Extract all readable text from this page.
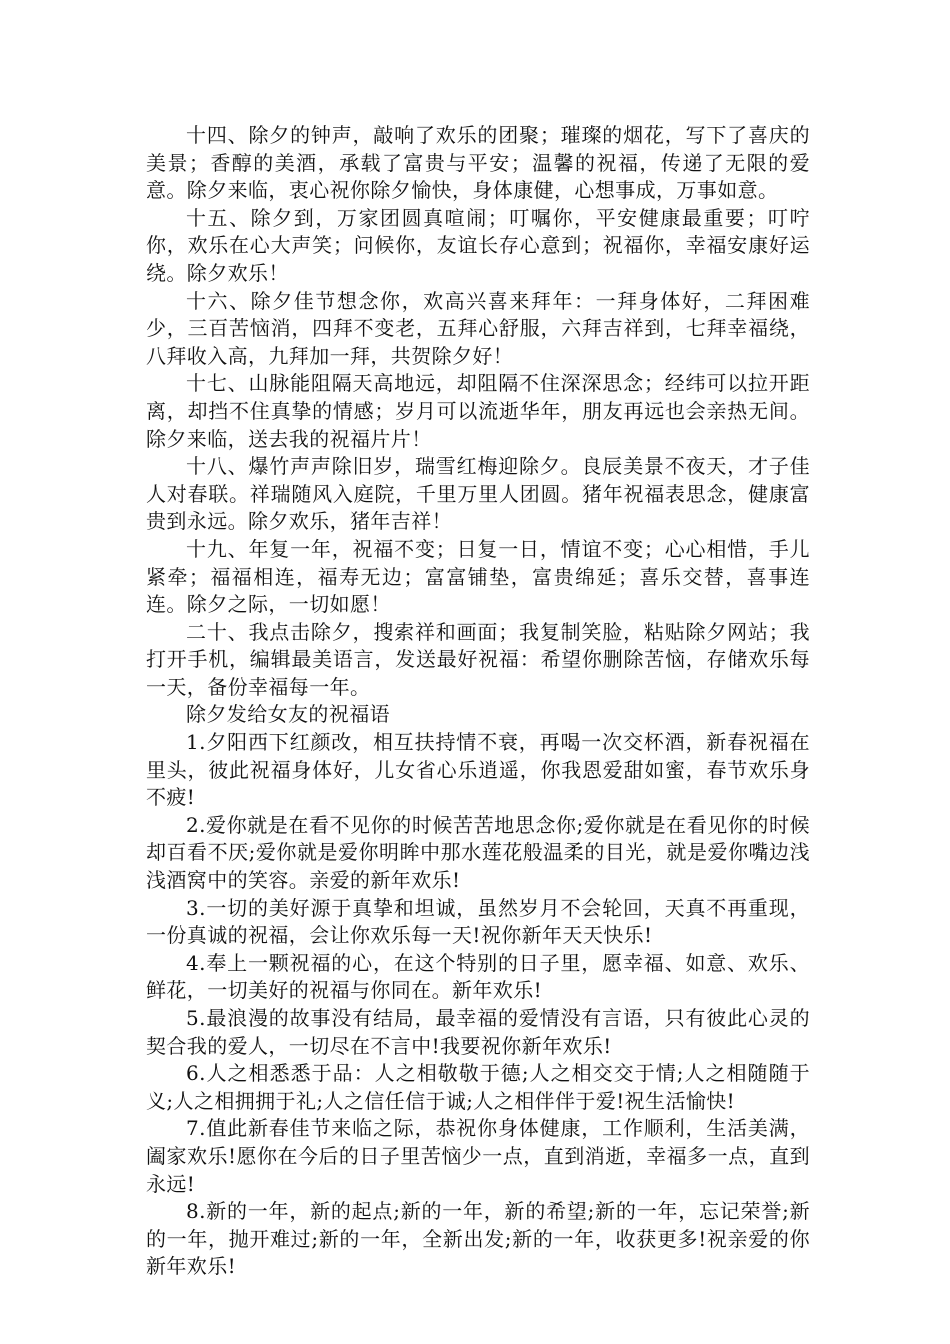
十四、除夕的钟声，敲响了欢乐的团聚；璀璨的烟花，写下了喜庆的美景；香醇的美酒，承载了富贵与平安；温馨的祝福，传递了无限的爱意。除夕来临，衷心祝你除夕愉快，身体康健，心想事成，万事如意。

十五、除夕到，万家团圆真喧闹；叮嘱你，平安健康最重要；叮咛你，欢乐在心大声笑；问候你，友谊长存心意到；祝福你，幸福安康好运绕。除夕欢乐！

十六、除夕佳节想念你，欢高兴喜来拜年：一拜身体好，二拜困难少，三百苦恼消，四拜不变老，五拜心舒服，六拜吉祥到，七拜幸福绕，八拜收入高，九拜加一拜，共贺除夕好！

十七、山脉能阻隔天高地远，却阻隔不住深深思念；经纬可以拉开距离，却挡不住真挚的情感；岁月可以流逝华年，朋友再远也会亲热无间。除夕来临，送去我的祝福片片！

十八、爆竹声声除旧岁，瑞雪红梅迎除夕。良辰美景不夜天，才子佳人对春联。祥瑞随风入庭院，千里万里人团圆。猪年祝福表思念，健康富贵到永远。除夕欢乐，猪年吉祥！

十九、年复一年，祝福不变；日复一日，情谊不变；心心相惜，手儿紧牵；福福相连，福寿无边；富富铺垫，富贵绵延；喜乐交替，喜事连连。除夕之际，一切如愿！

二十、我点击除夕，搜索祥和画面；我复制笑脸，粘贴除夕网站；我打开手机，编辑最美语言，发送最好祝福：希望你删除苦恼，存储欢乐每一天，备份幸福每一年。

除夕发给女友的祝福语

1.夕阳西下红颜改，相互扶持情不衰，再喝一次交杯酒，新春祝福在里头，彼此祝福身体好，儿女省心乐逍遥，你我恩爱甜如蜜，春节欢乐身不疲!

2.爱你就是在看不见你的时候苦苦地思念你;爱你就是在看见你的时候却百看不厌;爱你就是爱你明眸中那水莲花般温柔的目光，就是爱你嘴边浅浅酒窝中的笑容。亲爱的新年欢乐!

3.一切的美好源于真挚和坦诚，虽然岁月不会轮回，天真不再重现，一份真诚的祝福，会让你欢乐每一天!祝你新年天天快乐!

4.奉上一颗祝福的心，在这个特别的日子里，愿幸福、如意、欢乐、鲜花，一切美好的祝福与你同在。新年欢乐!

5.最浪漫的故事没有结局，最幸福的爱情没有言语，只有彼此心灵的契合我的爱人，一切尽在不言中!我要祝你新年欢乐!

6.人之相悉悉于品：人之相敬敬于德;人之相交交于情;人之相随随于义;人之相拥拥于礼;人之信任信于诚;人之相伴伴于爱!祝生活愉快!

7.值此新春佳节来临之际，恭祝你身体健康，工作顺利，生活美满，阖家欢乐!愿你在今后的日子里苦恼少一点，直到消逝，幸福多一点，直到永远!

8.新的一年，新的起点;新的一年，新的希望;新的一年，忘记荣誉;新的一年，抛开难过;新的一年，全新出发;新的一年，收获更多!祝亲爱的你新年欢乐!
